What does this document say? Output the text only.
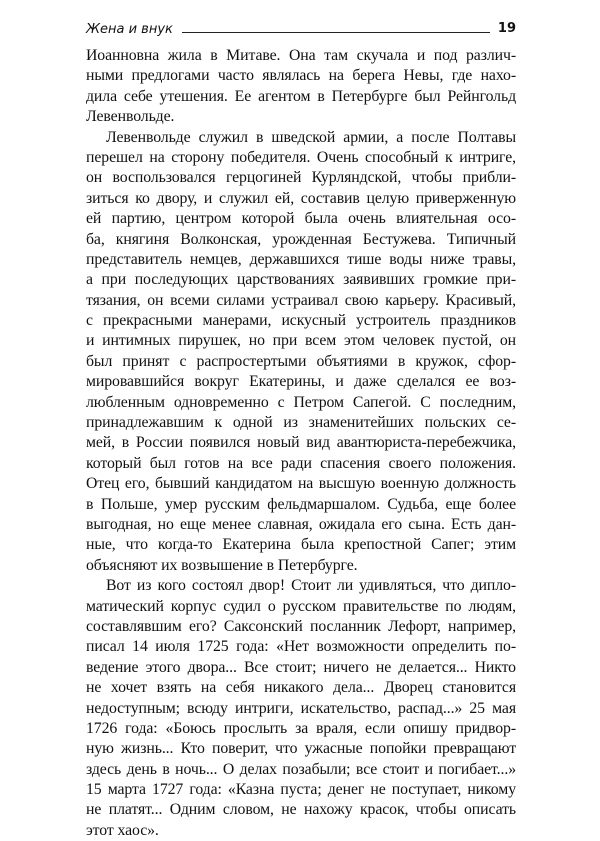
Жена и внук	19
Иоанновна жила в Митаве. Она там скучала и под различ-
ными предлогами часто являлась на берега Невы, где нахо-
дила себе утешения. Ее агентом в Петербурге был Рейнгольд
Левенвольде.
Левенвольде служил в шведской армии, а после Полтавы
перешел на сторону победителя. Очень способный к интриге,
он воспользовался герцогиней Курляндской, чтобы прибли-
зиться ко двору, и служил ей, составив целую приверженную
ей партию, центром которой была очень влиятельная осо-
ба, княгиня Волконская, урожденная Бестужева. Типичный
представитель немцев, державшихся тише воды ниже травы,
а при последующих царствованиях заявивших громкие при-
тязания, он всеми силами устраивал свою карьеру. Красивый,
с прекрасными манерами, искусный устроитель праздников
и интимных пирушек, но при всем этом человек пустой, он
был принят с распростертыми объятиями в кружок, сфор-
мировавшийся вокруг Екатерины, и даже сделался ее воз-
любленным одновременно с Петром Сапегой. С последним,
принадлежавшим к одной из знаменитейших польских се-
мей, в России появился новый вид авантюриста-перебежчика,
который был готов на все ради спасения своего положения.
Отец его, бывший кандидатом на высшую военную должность
в Польше, умер русским фельдмаршалом. Судьба, еще более
выгодная, но еще менее славная, ожидала его сына. Есть дан-
ные, что когда-то Екатерина была крепостной Сапег; этим
объясняют их возвышение в Петербурге.
Вот из кого состоял двор! Стоит ли удивляться, что дипло-
матический корпус судил о русском правительстве по людям,
составлявшим его? Саксонский посланник Лефорт, например,
писал 14 июля 1725 года: «Нет возможности определить по-
ведение этого двора... Все стоит; ничего не делается... Никто
не хочет взять на себя никакого дела... Дворец становится
недоступным; всюду интриги, искательство, распад...» 25 мая
1726 года: «Боюсь прослыть за враля, если опишу придвор-
ную жизнь... Кто поверит, что ужасные попойки превращают
здесь день в ночь... О делах позабыли; все стоит и погибает...»
15 марта 1727 года: «Казна пуста; денег не поступает, никому
не платят... Одним словом, не нахожу красок, чтобы описать
этот хаос».
